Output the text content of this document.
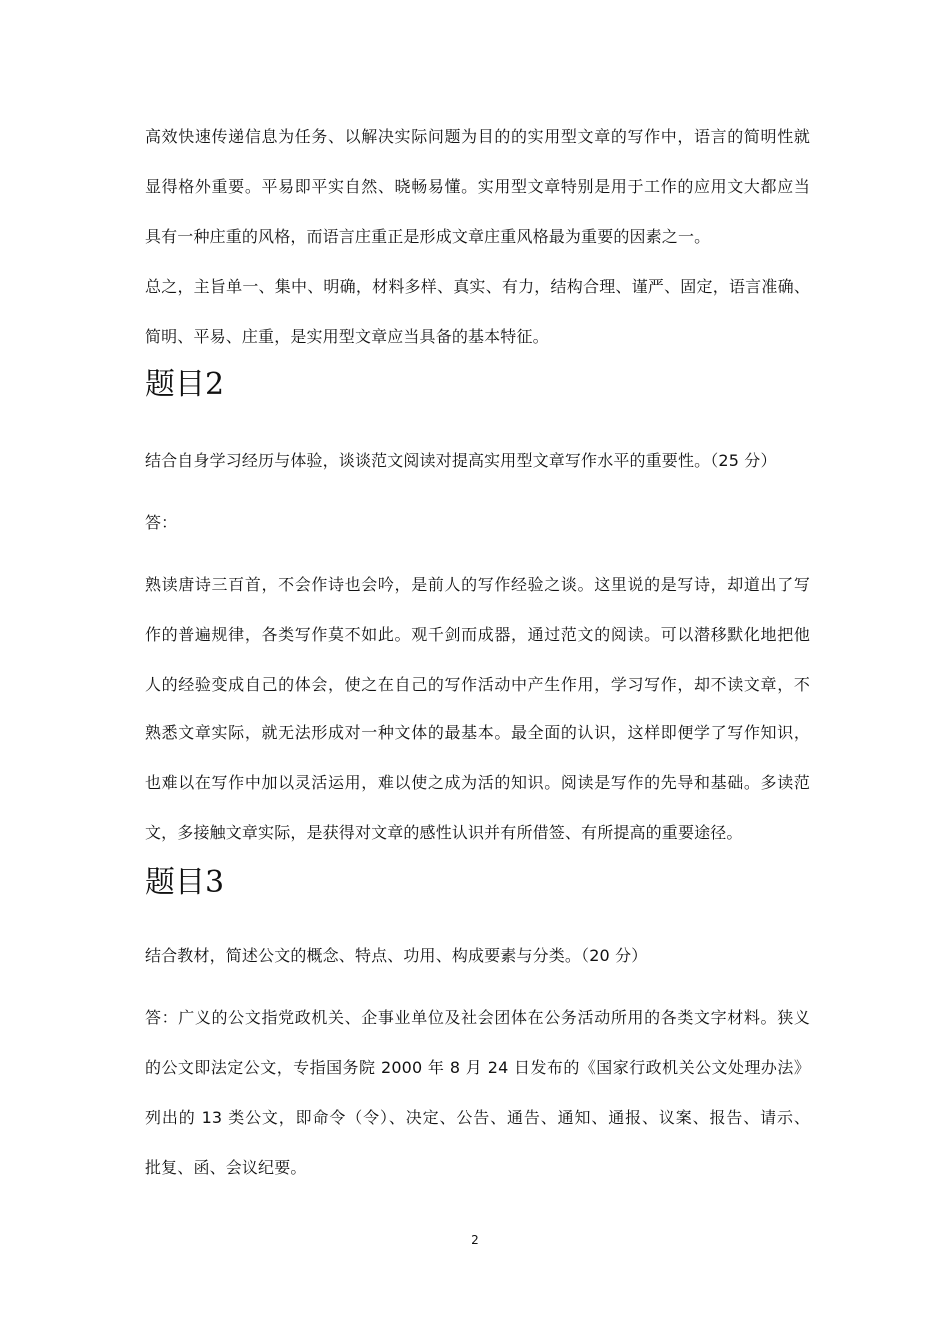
高效快速传递信息为任务、以解决实际问题为目的的实用型文章的写作中，语言的简明性就
显得格外重要。平易即平实自然、晓畅易懂。实用型文章特别是用于工作的应用文大都应当
具有一种庄重的风格，而语言庄重正是形成文章庄重风格最为重要的因素之一。
总之，主旨单一、集中、明确，材料多样、真实、有力，结构合理、谨严、固定，语言准确、
简明、平易、庄重，是实用型文章应当具备的基本特征。
题目2
结合自身学习经历与体验，谈谈范文阅读对提高实用型文章写作水平的重要性。（25 分）
答：
熟读唐诗三百首，不会作诗也会吟，是前人的写作经验之谈。这里说的是写诗，却道出了写
作的普遍规律，各类写作莫不如此。观千剑而成器，通过范文的阅读。可以潜移默化地把他
人的经验变成自己的体会，使之在自己的写作活动中产生作用，学习写作，却不读文章，不
熟悉文章实际，就无法形成对一种文体的最基本。最全面的认识，这样即便学了写作知识，
也难以在写作中加以灵活运用，难以使之成为活的知识。阅读是写作的先导和基础。多读范
文，多接触文章实际，是获得对文章的感性认识并有所借签、有所提高的重要途径。
题目3
结合教材，简述公文的概念、特点、功用、构成要素与分类。（20 分）
答：广义的公文指党政机关、企事业单位及社会团体在公务活动所用的各类文字材料。狭义
的公文即法定公文，专指国务院 2000 年 8 月 24 日发布的《国家行政机关公文处理办法》
列出的 13 类公文，即命令（令）、决定、公告、通告、通知、通报、议案、报告、请示、
批复、函、会议纪要。
2
